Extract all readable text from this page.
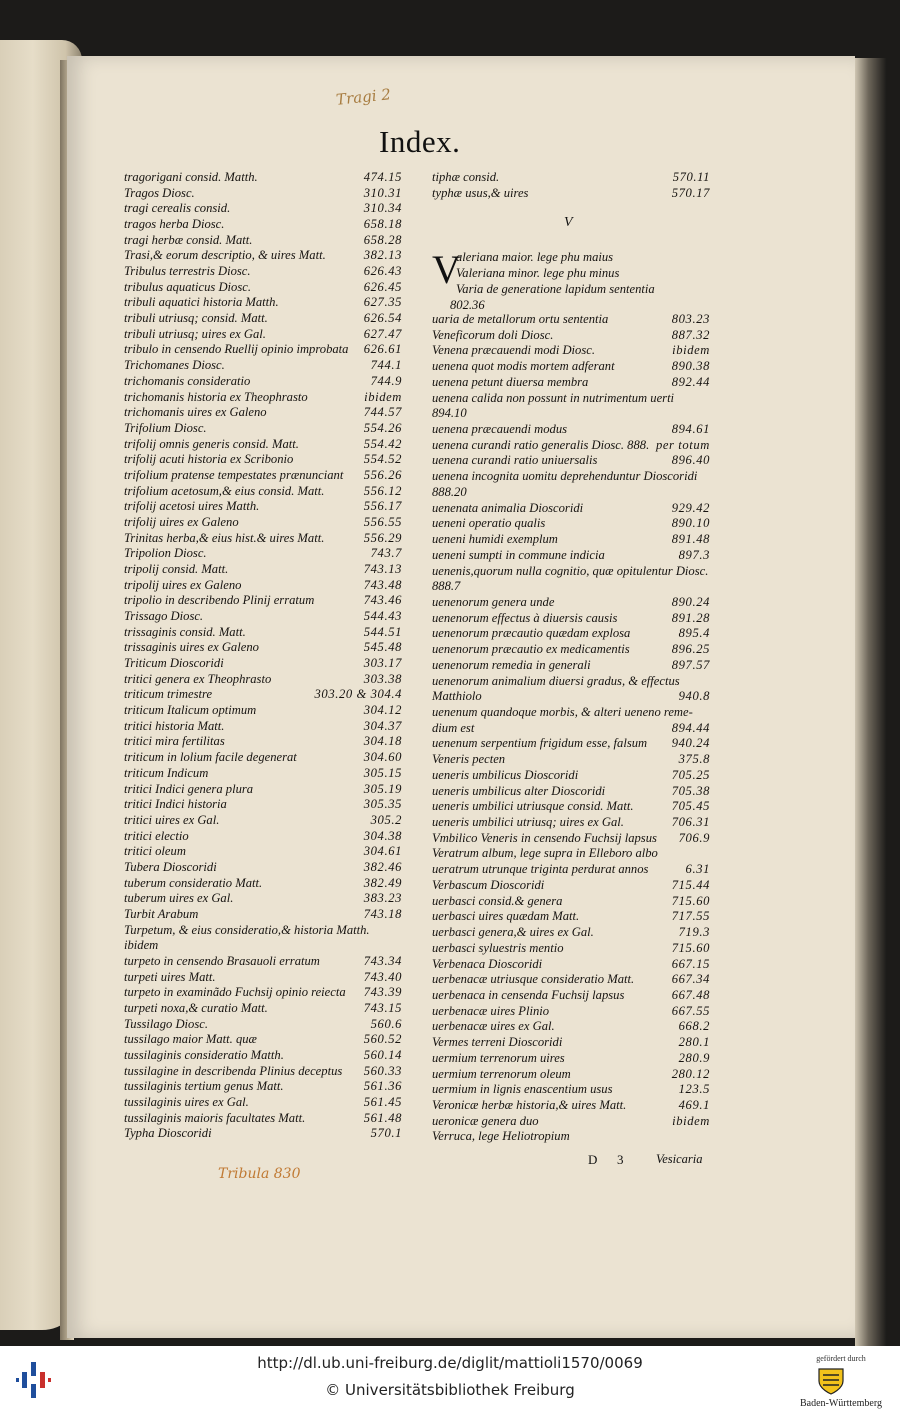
Tragi 2
Index.
V
V
tragorigani consid. Matth.	474.15
Tragos Diosc.	310.31
tragi cerealis consid.	310.34
tragos herba Diosc.	658.18
tragi herbæ consid. Matt.	658.28
Trasi,& eorum descriptio, & uires Matt.	382.13
Tribulus terrestris Diosc.	626.43
tribulus aquaticus Diosc.	626.45
tribuli aquatici historia Matth.	627.35
tribuli utriusq; consid. Matt.	626.54
tribuli utriusq; uires ex Gal.	627.47
tribulo in censendo Ruellij opinio improbata 626.61
Trichomanes Diosc.	744.1
trichomanis consideratio	744.9
trichomanis historia ex Theophrasto	ibidem
trichomanis uires ex Galeno	744.57
Trifolium Diosc.	554.26
trifolij omnis generis consid. Matt.	554.42
trifolij acuti historia ex Scribonio	554.52
trifolium pratense tempestates prænunciant 556.26
trifolium acetosum,& eius consid. Matt.	556.12
trifolij acetosi uires Matth.	556.17
trifolij uires ex Galeno	556.55
Trinitas herba,& eius hist.& uires Matt.	556.29
Tripolion Diosc.	743.7
tripolij consid. Matt.	743.13
tripolij uires ex Galeno	743.48
tripolio in describendo Plinij erratum	743.46
Trissago Diosc.	544.43
trissaginis consid. Matt.	544.51
trissaginis uires ex Galeno	545.48
Triticum Dioscoridi	303.17
tritici genera ex Theophrasto	303.38
triticum trimestre	303.20 & 304.4
triticum Italicum optimum	304.12
tritici historia Matt.	304.37
tritici mira fertilitas	304.18
triticum in lolium facile degenerat	304.60
triticum Indicum	305.15
tritici Indici genera plura	305.19
tritici Indici historia	305.35
tritici uires ex Gal.	305.2
tritici electio	304.38
tritici oleum	304.61
Tubera Dioscoridi	382.46
tuberum consideratio Matt.	382.49
tuberum uires ex Gal.	383.23
Turbit Arabum	743.18
Turpetum, & eius consideratio,& historia Matth.
ibidem
turpeto in censendo Brasauoli erratum	743.34
turpeti uires Matt.	743.40
turpeto in examinãdo Fuchsij opinio reiecta 743.39
turpeti noxa,& curatio Matt.	743.15
Tussilago Diosc.	560.6
tussilago maior Matt. quæ	560.52
tussilaginis consideratio Matth.	560.14
tussilagine in describenda Plinius deceptus 560.33
tussilaginis tertium genus Matt.	561.36
tussilaginis uires ex Gal.	561.45
tussilaginis maioris facultates Matt.	561.48
Typha Dioscoridi	570.1
tiphæ consid.	570.11
typhæ usus,& uires	570.17
aleriana maior. lege phu maius
Valeriana minor. lege phu minus
Varia de generatione lapidum sententia
802.36
uaria de metallorum ortu sententia	803.23
Veneficorum doli Diosc.	887.32
Venena præcauendi modi Diosc.	ibidem
uenena quot modis mortem adferant	890.38
uenena petunt diuersa membra	892.44
uenena calida non possunt in nutrimentum uerti
894.10
uenena præcauendi modus	894.61
uenena curandi ratio generalis Diosc. 888. per totum
uenena curandi ratio uniuersalis	896.40
uenena incognita uomitu deprehenduntur Dioscoridi
888.20
uenenata animalia Dioscoridi	929.42
ueneni operatio qualis	890.10
ueneni humidi exemplum	891.48
ueneni sumpti in commune indicia	897.3
uenenis,quorum nulla cognitio, quæ opitulentur Diosc.
888.7
uenenorum genera unde	890.24
uenenorum effectus à diuersis causis	891.28
uenenorum præcautio quædam explosa	895.4
uenenorum præcautio ex medicamentis	896.25
uenenorum remedia in generali	897.57
uenenorum animalium diuersi gradus, & effectus
Matthiolo	940.8
uenenum quandoque morbis, & alteri ueneno reme-
dium est	894.44
uenenum serpentium frigidum esse, falsum 940.24
Veneris pecten	375.8
ueneris umbilicus Dioscoridi	705.25
ueneris umbilicus alter Dioscoridi	705.38
ueneris umbilici utriusque consid. Matt.	705.45
ueneris umbilici utriusq; uires ex Gal.	706.31
Vmbilico Veneris in censendo Fuchsij lapsus 706.9
Veratrum album, lege supra in Elleboro albo
ueratrum utrunque triginta perdurat annos	6.31
Verbascum Dioscoridi	715.44
uerbasci consid.& genera	715.60
uerbasci uires quædam Matt.	717.55
uerbasci genera,& uires ex Gal.	719.3
uerbasci syluestris mentio	715.60
Verbenaca Dioscoridi	667.15
uerbenacæ utriusque consideratio Matt.	667.34
uerbenaca in censenda Fuchsij lapsus	667.48
uerbenacæ uires Plinio	667.55
uerbenacæ uires ex Gal.	668.2
Vermes terreni Dioscoridi	280.1
uermium terrenorum uires	280.9
uermium terrenorum oleum	280.12
uermium in lignis enascentium usus	123.5
Veronicæ herbæ historia,& uires Matt.	469.1
ueronicæ genera duo	ibidem
Verruca, lege Heliotropium
Tribula 830
D 3	Vesicaria
http://dl.ub.uni-freiburg.de/diglit/mattioli1570/0069
© Universitätsbibliothek Freiburg
gefördert durch
Baden-Württemberg
